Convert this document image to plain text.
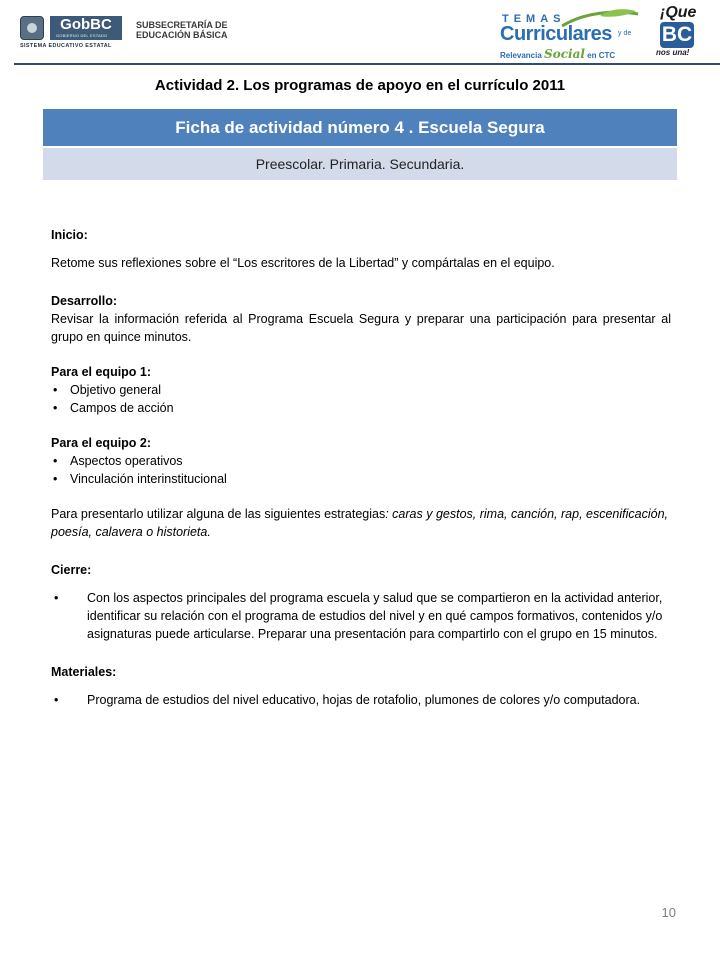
GobBC
GOBIERNO DEL ESTADO
SISTEMA EDUCATIVO ESTATAL
SUBSECRETARÍA DE
EDUCACIÓN BÁSICA
TEMAS
Curriculares y de
Relevancia Social en CTC
¡Que
BC
nos una!
Actividad 2. Los programas de apoyo en el currículo 2011
Ficha de actividad número 4 . Escuela Segura
Preescolar. Primaria. Secundaria.

Inicio:

Retome sus reflexiones sobre el “Los escritores de la Libertad” y compártalas en el equipo.

Desarrollo:

Revisar la información referida al Programa Escuela Segura y preparar una participación para presentar al grupo en quince minutos.

Para el equipo 1:

• Objetivo general
• Campos de acción

Para el equipo 2:

• Aspectos operativos
• Vinculación interinstitucional

Para presentarlo utilizar alguna de las siguientes estrategias: caras y gestos, rima, canción, rap, escenificación, poesía, calavera o historieta.

Cierre:

• Con los aspectos principales del programa escuela y salud que se compartieron en la actividad anterior, identificar su relación con el programa de estudios del nivel y en qué campos formativos, contenidos y/o asignaturas puede articularse. Preparar una presentación para compartirlo con el grupo en 15 minutos.

Materiales:

• Programa de estudios del nivel educativo, hojas de rotafolio, plumones de colores y/o computadora.
10
